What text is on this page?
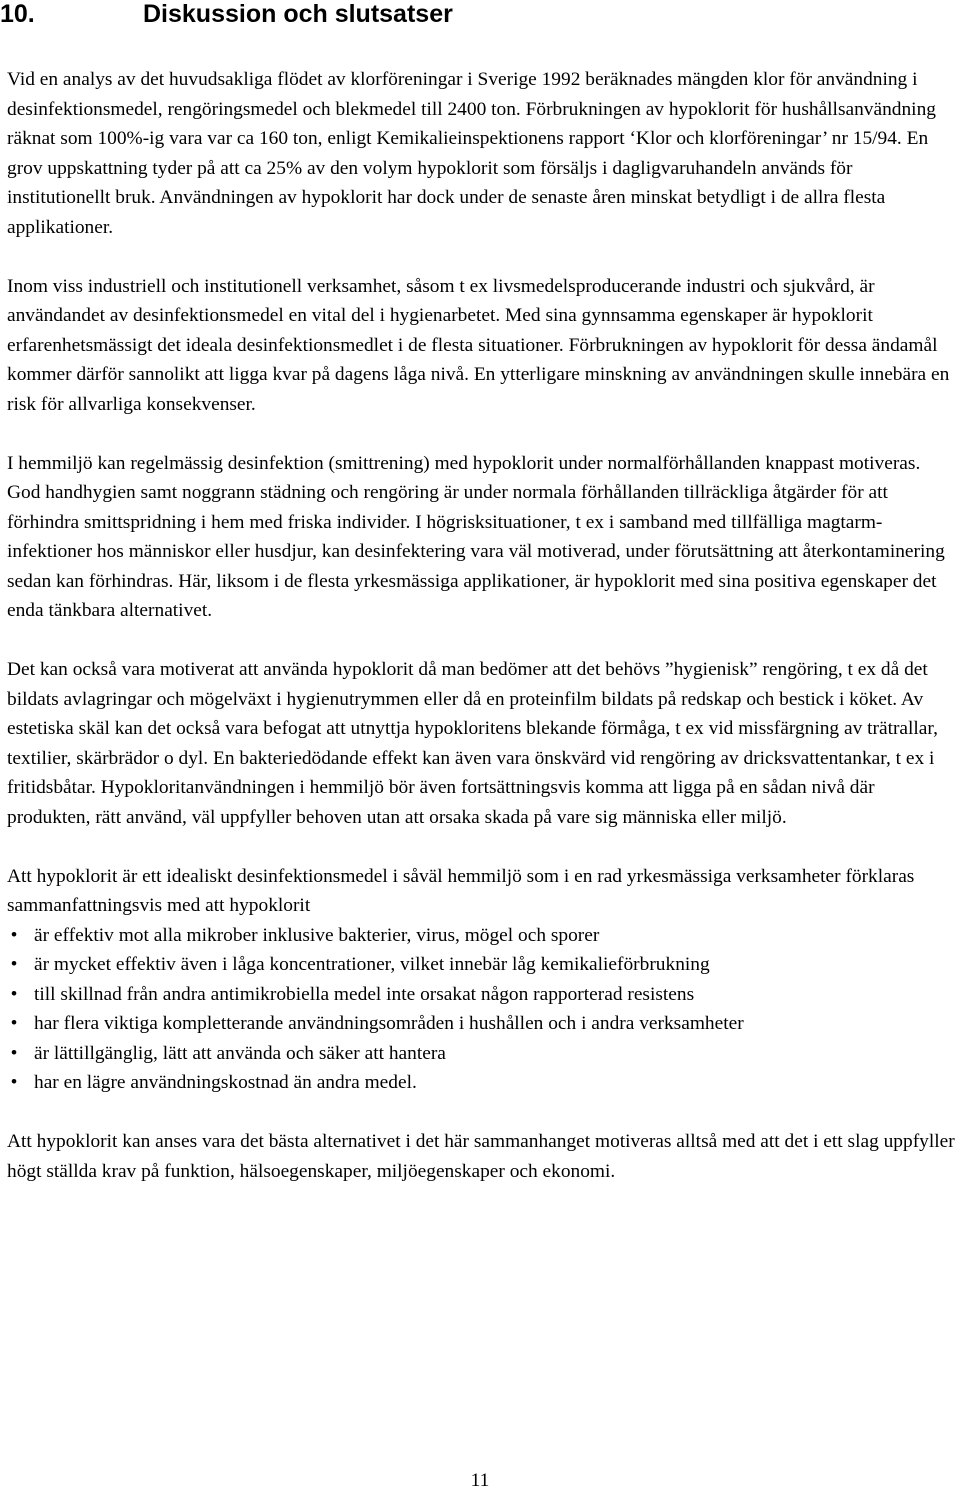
10.	Diskussion och slutsatser

Vid en analys av det huvudsakliga flödet av klorföreningar i Sverige 1992 beräknades mängden klor för användning i desinfektionsmedel, rengöringsmedel och blekmedel till 2400 ton. Förbrukningen av hypoklorit för hushållsanvändning räknat som 100%-ig vara var ca 160 ton, enligt Kemikalieinspektionens rapport ‘Klor och klorföreningar’ nr 15/94. En grov uppskattning tyder på att ca 25% av den volym hypoklorit som försäljs i dagligvaruhandeln används för institutionellt bruk. Användningen av hypoklorit har dock under de senaste åren minskat betydligt i de allra flesta applikationer.

Inom viss industriell och institutionell verksamhet, såsom t ex livsmedelsproducerande industri och sjukvård, är användandet av desinfektionsmedel en vital del i hygienarbetet. Med sina gynnsamma egenskaper är hypoklorit erfarenhetsmässigt det ideala desinfektionsmedlet i de flesta situationer. Förbrukningen av hypoklorit för dessa ändamål kommer därför sannolikt att ligga kvar på dagens låga nivå. En ytterligare minskning av användningen skulle innebära en risk för allvarliga konsekvenser.

I hemmiljö kan regelmässig desinfektion (smittrening) med hypoklorit under normalförhållanden knappast motiveras. God handhygien samt noggrann städning och rengöring är under normala förhållanden tillräckliga åtgärder för att förhindra smittspridning i hem med friska individer. I högrisksituationer, t ex i samband med tillfälliga magtarm-infektioner hos människor eller husdjur, kan desinfektering vara väl motiverad, under förutsättning att återkontaminering sedan kan förhindras. Här, liksom i de flesta yrkesmässiga applikationer, är hypoklorit med sina positiva egenskaper det enda tänkbara alternativet.

Det kan också vara motiverat att använda hypoklorit då man bedömer att det behövs ”hygienisk” rengöring, t ex då det bildats avlagringar och mögelväxt i hygienutrymmen eller då en proteinfilm bildats på redskap och bestick i köket. Av estetiska skäl kan det också vara befogat att utnyttja hypokloritens blekande förmåga, t ex vid missfärgning av trätrallar, textilier, skärbrädor o dyl. En bakteriedödande effekt kan även vara önskvärd vid rengöring av dricksvattentankar, t ex i fritidsbåtar. Hypokloritanvändningen i hemmiljö bör även fortsättningsvis komma att ligga på en sådan nivå där produkten, rätt använd, väl uppfyller behoven utan att orsaka skada på vare sig människa eller miljö.

Att hypoklorit är ett idealiskt desinfektionsmedel i såväl hemmiljö som i en rad yrkesmässiga verksamheter förklaras sammanfattningsvis med att hypoklorit

• är effektiv mot alla mikrober inklusive bakterier, virus, mögel och sporer
• är mycket effektiv även i låga koncentrationer, vilket innebär låg kemikalieförbrukning
• till skillnad från andra antimikrobiella medel inte orsakat någon rapporterad resistens
• har flera viktiga kompletterande användningsområden i hushållen och i andra verksamheter
• är lättillgänglig, lätt att använda och säker att hantera
• har en lägre användningskostnad än andra medel.

Att hypoklorit kan anses vara det bästa alternativet i det här sammanhanget motiveras alltså med att det i ett slag uppfyller högt ställda krav på funktion, hälsoegenskaper, miljöegenskaper och ekonomi.

11
